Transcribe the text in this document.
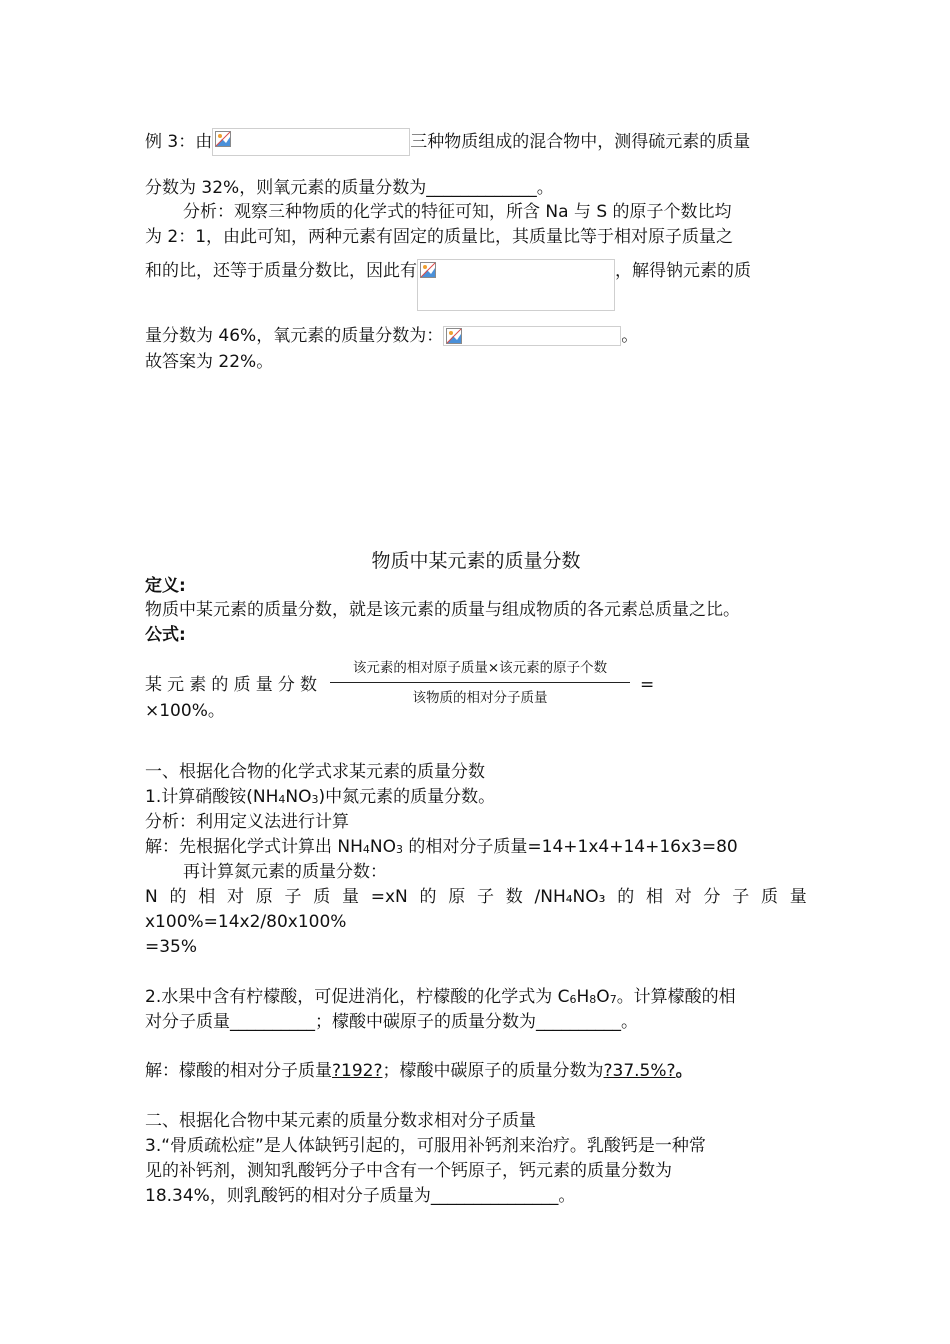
例 3：由	三种物质组成的混合物中，测得硫元素的质量
分数为 32%，则氧元素的质量分数为_____________。
分析：观察三种物质的化学式的特征可知，所含 Na 与 S 的原子个数比均
为 2：1，由此可知，两种元素有固定的质量比，其质量比等于相对原子质量之
和的比，还等于质量分数比，因此有	，解得钠元素的质
量分数为 46%，氧元素的质量分数为：	。
故答案为 22%。
物质中某元素的质量分数
定义:
物质中某元素的质量分数，就是该元素的质量与组成物质的各元素总质量之比。
公式:
某 元 素 的 质 量 分 数
该元素的相对原子质量×该元素的原子个数
该物质的相对分子质量
=
×100%。
一、根据化合物的化学式求某元素的质量分数
1.计算硝酸铵$(NH_4NO_3)$中氮元素的质量分数。
分析：利用定义法进行计算
解：先根据化学式计算出 $NH_4NO_3$ 的相对分子质量=14+1x4+14+16x3=80
再计算氮元素的质量分数：
N 的 相 对 原 子 质 量 =xN 的 原 子 数 /NH₄NO₃ 的 相 对 分 子 质 量
x100%=14x2/80x100%
=35%
2.水果中含有柠檬酸，可促进消化，柠檬酸的化学式为 $C_6H_8O_7$。计算檬酸的相
对分子质量__________；檬酸中碳原子的质量分数为__________。
解：檬酸的相对分子质量?192?；檬酸中碳原子的质量分数为?37.5%?。
二、根据化合物中某元素的质量分数求相对分子质量
3.“骨质疏松症”是人体缺钙引起的，可服用补钙剂来治疗。乳酸钙是一种常
见的补钙剂，测知乳酸钙分子中含有一个钙原子，钙元素的质量分数为
18.34%，则乳酸钙的相对分子质量为_______________。
